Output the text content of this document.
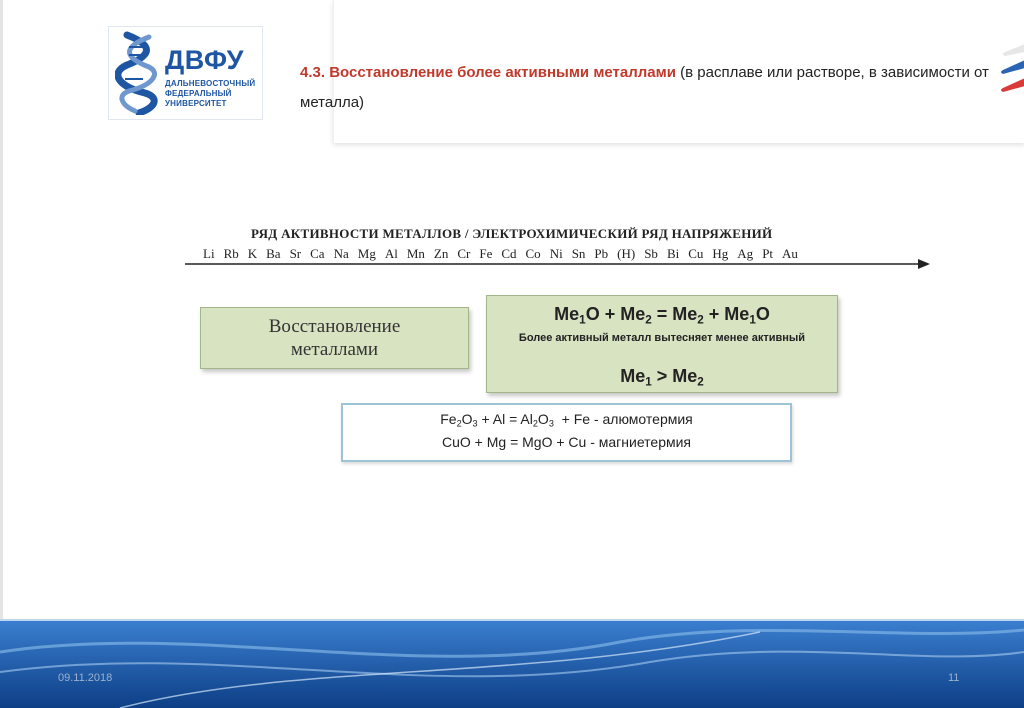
ДВФУ
ДАЛЬНЕВОСТОЧНЫЙ
ФЕДЕРАЛЬНЫЙ
УНИВЕРСИТЕТ
4.3. Восстановление более активными металлами (в расплаве или растворе, в зависимости от металла)
РЯД АКТИВНОСТИ МЕТАЛЛОВ / ЭЛЕКТРОХИМИЧЕСКИЙ РЯД НАПРЯЖЕНИЙ
Li Rb K Ba Sr Ca Na Mg Al Mn Zn Cr Fe Cd Co Ni Sn Pb (H) Sb Bi Cu Hg Ag Pt Au
Восстановление
металлами
$Me_1O + Me_2 = Me_2 + Me_1O$
Более активный металл вытесняет менее активный
$Me_1 > Me_2$
$Fe_2O_3 + Al = Al_2O_3 + Fe$ - алюмотермия
CuO + Mg = MgO + Cu - магниетермия
09.11.2018	11
